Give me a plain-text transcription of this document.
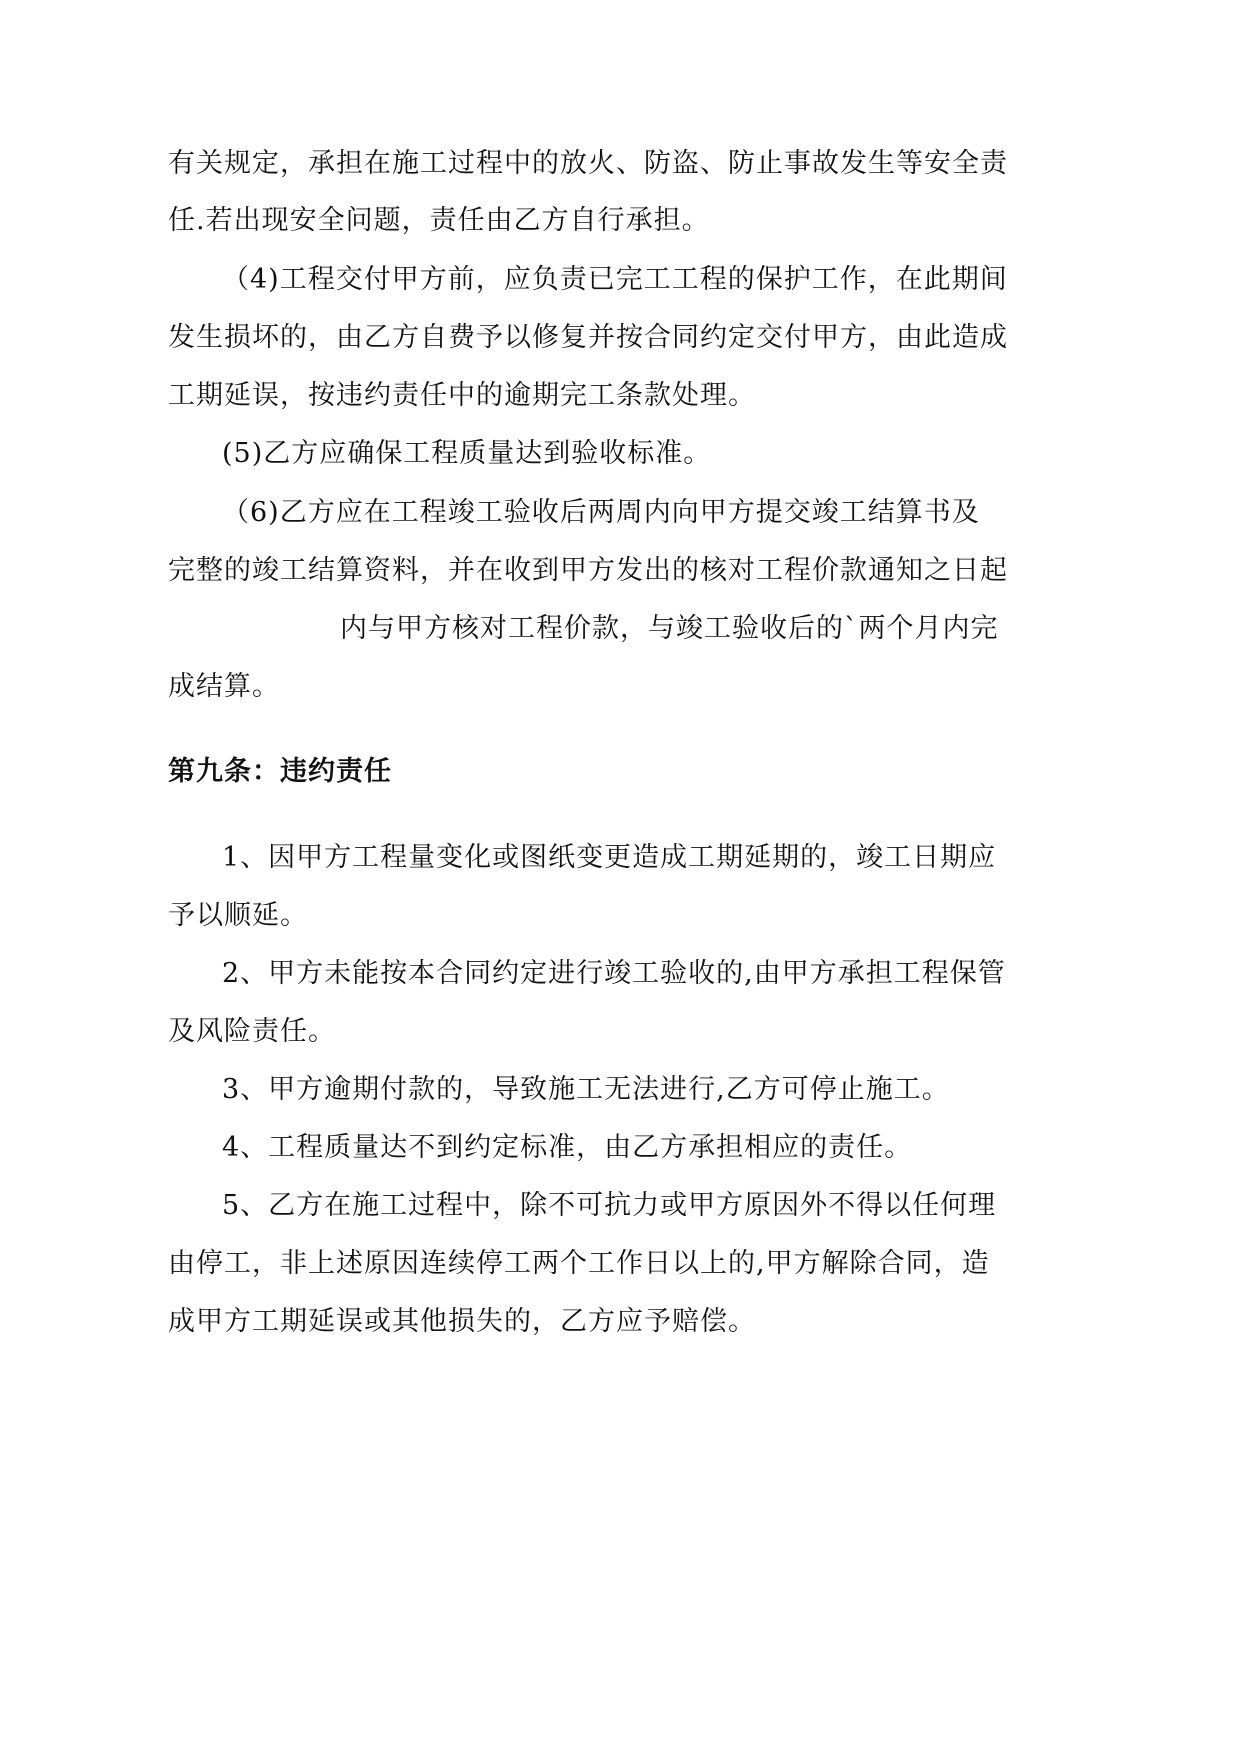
有关规定，承担在施工过程中的放火、防盗、防止事故发生等安全责
任.若出现安全问题，责任由乙方自行承担。
（4)工程交付甲方前，应负责已完工工程的保护工作，在此期间
发生损坏的，由乙方自费予以修复并按合同约定交付甲方，由此造成
工期延误，按违约责任中的逾期完工条款处理。
(5)乙方应确保工程质量达到验收标准。
（6)乙方应在工程竣工验收后两周内向甲方提交竣工结算书及
完整的竣工结算资料，并在收到甲方发出的核对工程价款通知之日起
内与甲方核对工程价款，与竣工验收后的`两个月内完
成结算。
第九条：违约责任
1、因甲方工程量变化或图纸变更造成工期延期的，竣工日期应
予以顺延。
2、甲方未能按本合同约定进行竣工验收的,由甲方承担工程保管
及风险责任。
3、甲方逾期付款的，导致施工无法进行,乙方可停止施工。
4、工程质量达不到约定标准，由乙方承担相应的责任。
5、乙方在施工过程中，除不可抗力或甲方原因外不得以任何理
由停工，非上述原因连续停工两个工作日以上的,甲方解除合同，造
成甲方工期延误或其他损失的，乙方应予赔偿。
